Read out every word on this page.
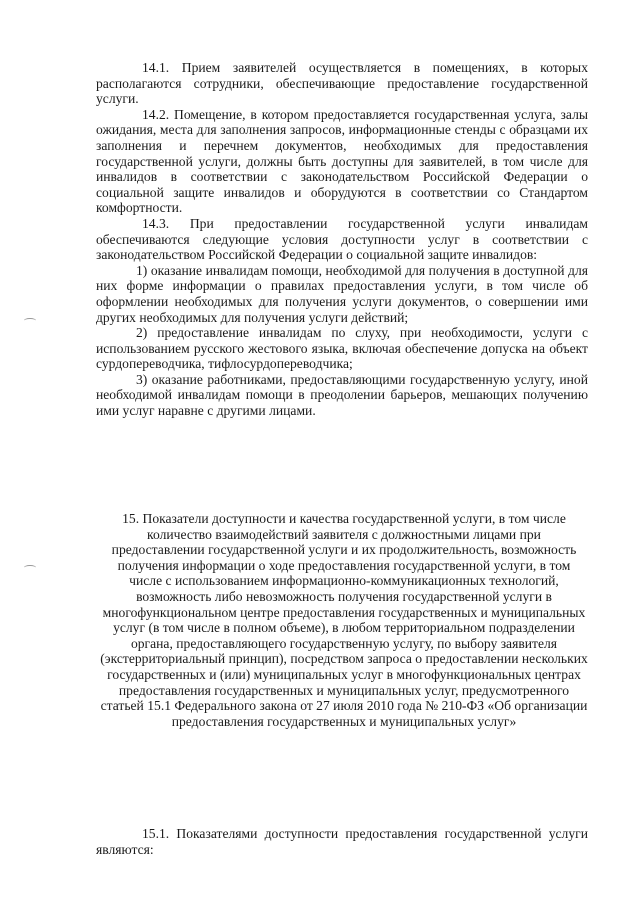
14.1. Прием заявителей осуществляется в помещениях, в которых располагаются сотрудники, обеспечивающие предоставление государственной услуги.

14.2. Помещение, в котором предоставляется государственная услуга, залы ожидания, места для заполнения запросов, информационные стенды с образцами их заполнения и перечнем документов, необходимых для предоставления государственной услуги, должны быть доступны для заявителей, в том числе для инвалидов в соответствии с законодательством Российской Федерации о социальной защите инвалидов и оборудуются в соответствии со Стандартом комфортности.

14.3. При предоставлении государственной услуги инвалидам обеспечиваются следующие условия доступности услуг в соответствии с законодательством Российской Федерации о социальной защите инвалидов:

1) оказание инвалидам помощи, необходимой для получения в доступной для них форме информации о правилах предоставления услуги, в том числе об оформлении необходимых для получения услуги документов, о совершении ими других необходимых для получения услуги действий;

2) предоставление инвалидам по слуху, при необходимости, услуги с использованием русского жестового языка, включая обеспечение допуска на объект сурдопереводчика, тифлосурдопереводчика;

3) оказание работниками, предоставляющими государственную услугу, иной необходимой инвалидам помощи в преодолении барьеров, мешающих получению ими услуг наравне с другими лицами.

15. Показатели доступности и качества государственной услуги, в том числе количество взаимодействий заявителя с должностными лицами при предоставлении государственной услуги и их продолжительность, возможность получения информации о ходе предоставления государственной услуги, в том числе с использованием информационно-коммуникационных технологий, возможность либо невозможность получения государственной услуги в многофункциональном центре предоставления государственных и муниципальных услуг (в том числе в полном объеме), в любом территориальном подразделении органа, предоставляющего государственную услугу, по выбору заявителя (экстерриториальный принцип), посредством запроса о предоставлении нескольких государственных и (или) муниципальных услуг в многофункциональных центрах предоставления государственных и муниципальных услуг, предусмотренного статьей 15.1 Федерального закона от 27 июля 2010 года № 210-ФЗ «Об организации предоставления государственных и муниципальных услуг»

15.1. Показателями доступности предоставления государственной услуги являются:
